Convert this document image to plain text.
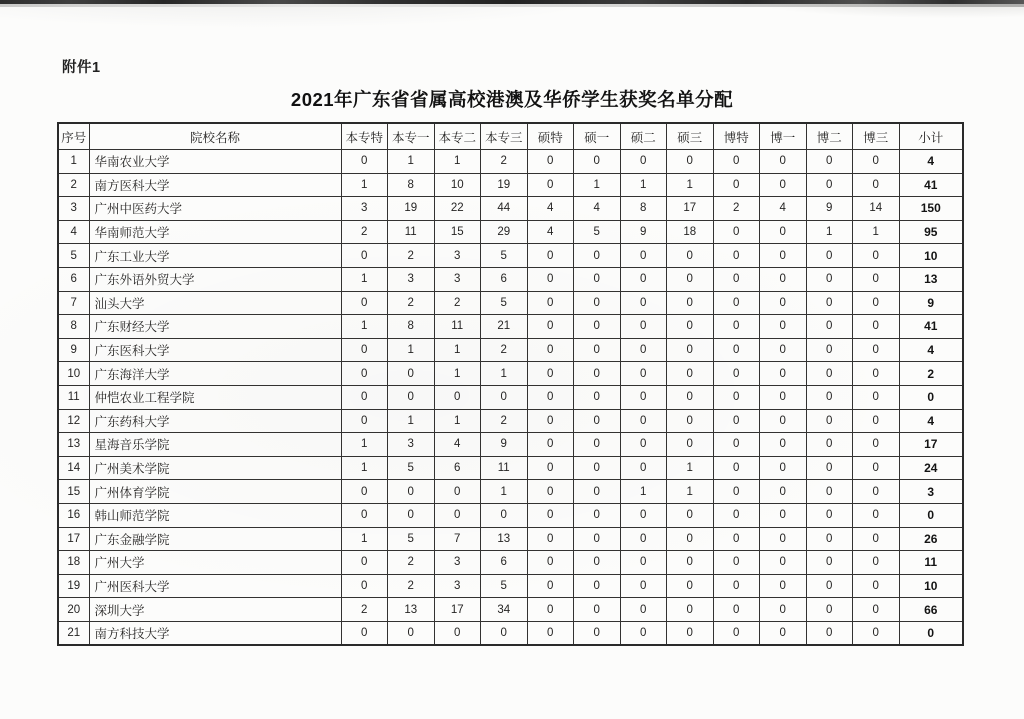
附件1
2021年广东省省属高校港澳及华侨学生获奖名单分配
序号	院校名称	本专特	本专一	本专二	本专三	硕特	硕一	硕二	硕三	博特	博一	博二	博三	小计
1	华南农业大学	0	1	1	2	0	0	0	0	0	0	0	0	4
2	南方医科大学	1	8	10	19	0	1	1	1	0	0	0	0	41
3	广州中医药大学	3	19	22	44	4	4	8	17	2	4	9	14	150
4	华南师范大学	2	11	15	29	4	5	9	18	0	0	1	1	95
5	广东工业大学	0	2	3	5	0	0	0	0	0	0	0	0	10
6	广东外语外贸大学	1	3	3	6	0	0	0	0	0	0	0	0	13
7	汕头大学	0	2	2	5	0	0	0	0	0	0	0	0	9
8	广东财经大学	1	8	11	21	0	0	0	0	0	0	0	0	41
9	广东医科大学	0	1	1	2	0	0	0	0	0	0	0	0	4
10	广东海洋大学	0	0	1	1	0	0	0	0	0	0	0	0	2
11	仲恺农业工程学院	0	0	0	0	0	0	0	0	0	0	0	0	0
12	广东药科大学	0	1	1	2	0	0	0	0	0	0	0	0	4
13	星海音乐学院	1	3	4	9	0	0	0	0	0	0	0	0	17
14	广州美术学院	1	5	6	11	0	0	0	1	0	0	0	0	24
15	广州体育学院	0	0	0	1	0	0	1	1	0	0	0	0	3
16	韩山师范学院	0	0	0	0	0	0	0	0	0	0	0	0	0
17	广东金融学院	1	5	7	13	0	0	0	0	0	0	0	0	26
18	广州大学	0	2	3	6	0	0	0	0	0	0	0	0	11
19	广州医科大学	0	2	3	5	0	0	0	0	0	0	0	0	10
20	深圳大学	2	13	17	34	0	0	0	0	0	0	0	0	66
21	南方科技大学	0	0	0	0	0	0	0	0	0	0	0	0	0
